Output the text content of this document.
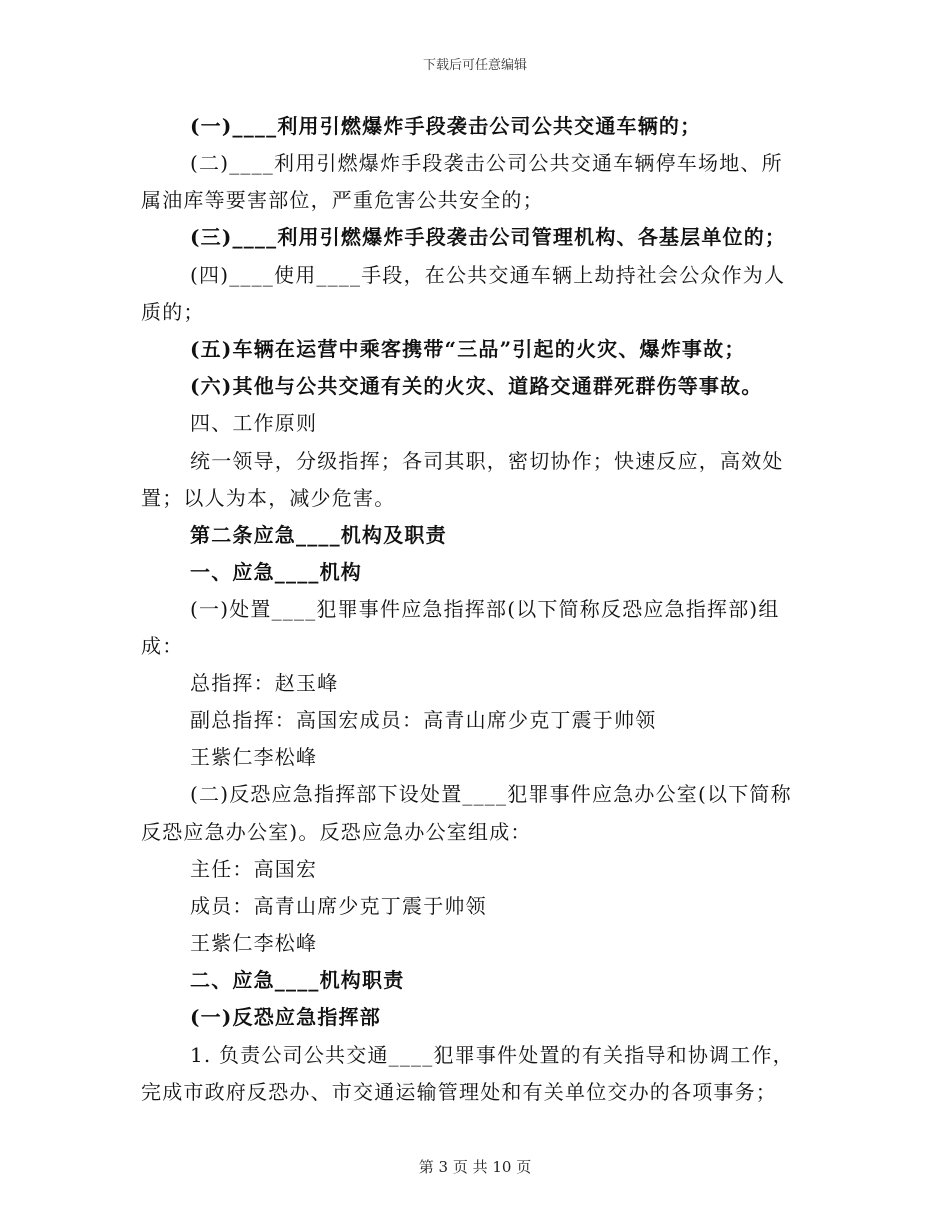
下载后可任意编辑
(一)____利用引燃爆炸手段袭击公司公共交通车辆的；
(二)____利用引燃爆炸手段袭击公司公共交通车辆停车场地、所
属油库等要害部位，严重危害公共安全的；
(三)____利用引燃爆炸手段袭击公司管理机构、各基层单位的；
(四)____使用____手段，在公共交通车辆上劫持社会公众作为人
质的；
(五)车辆在运营中乘客携带“三品”引起的火灾、爆炸事故；
(六)其他与公共交通有关的火灾、道路交通群死群伤等事故。
四、工作原则
统一领导，分级指挥；各司其职，密切协作；快速反应，高效处
置；以人为本，减少危害。
第二条应急____机构及职责
一、应急____机构
(一)处置____犯罪事件应急指挥部(以下简称反恐应急指挥部)组
成：
总指挥：赵玉峰
副总指挥：高国宏成员：高青山席少克丁震于帅领
王紫仁李松峰
(二)反恐应急指挥部下设处置____犯罪事件应急办公室(以下简称
反恐应急办公室)。反恐应急办公室组成：
主任：高国宏
成员：高青山席少克丁震于帅领
王紫仁李松峰
二、应急____机构职责
(一)反恐应急指挥部
1. 负责公司公共交通____犯罪事件处置的有关指导和协调工作，
完成市政府反恐办、市交通运输管理处和有关单位交办的各项事务；
第 3 页 共 10 页
